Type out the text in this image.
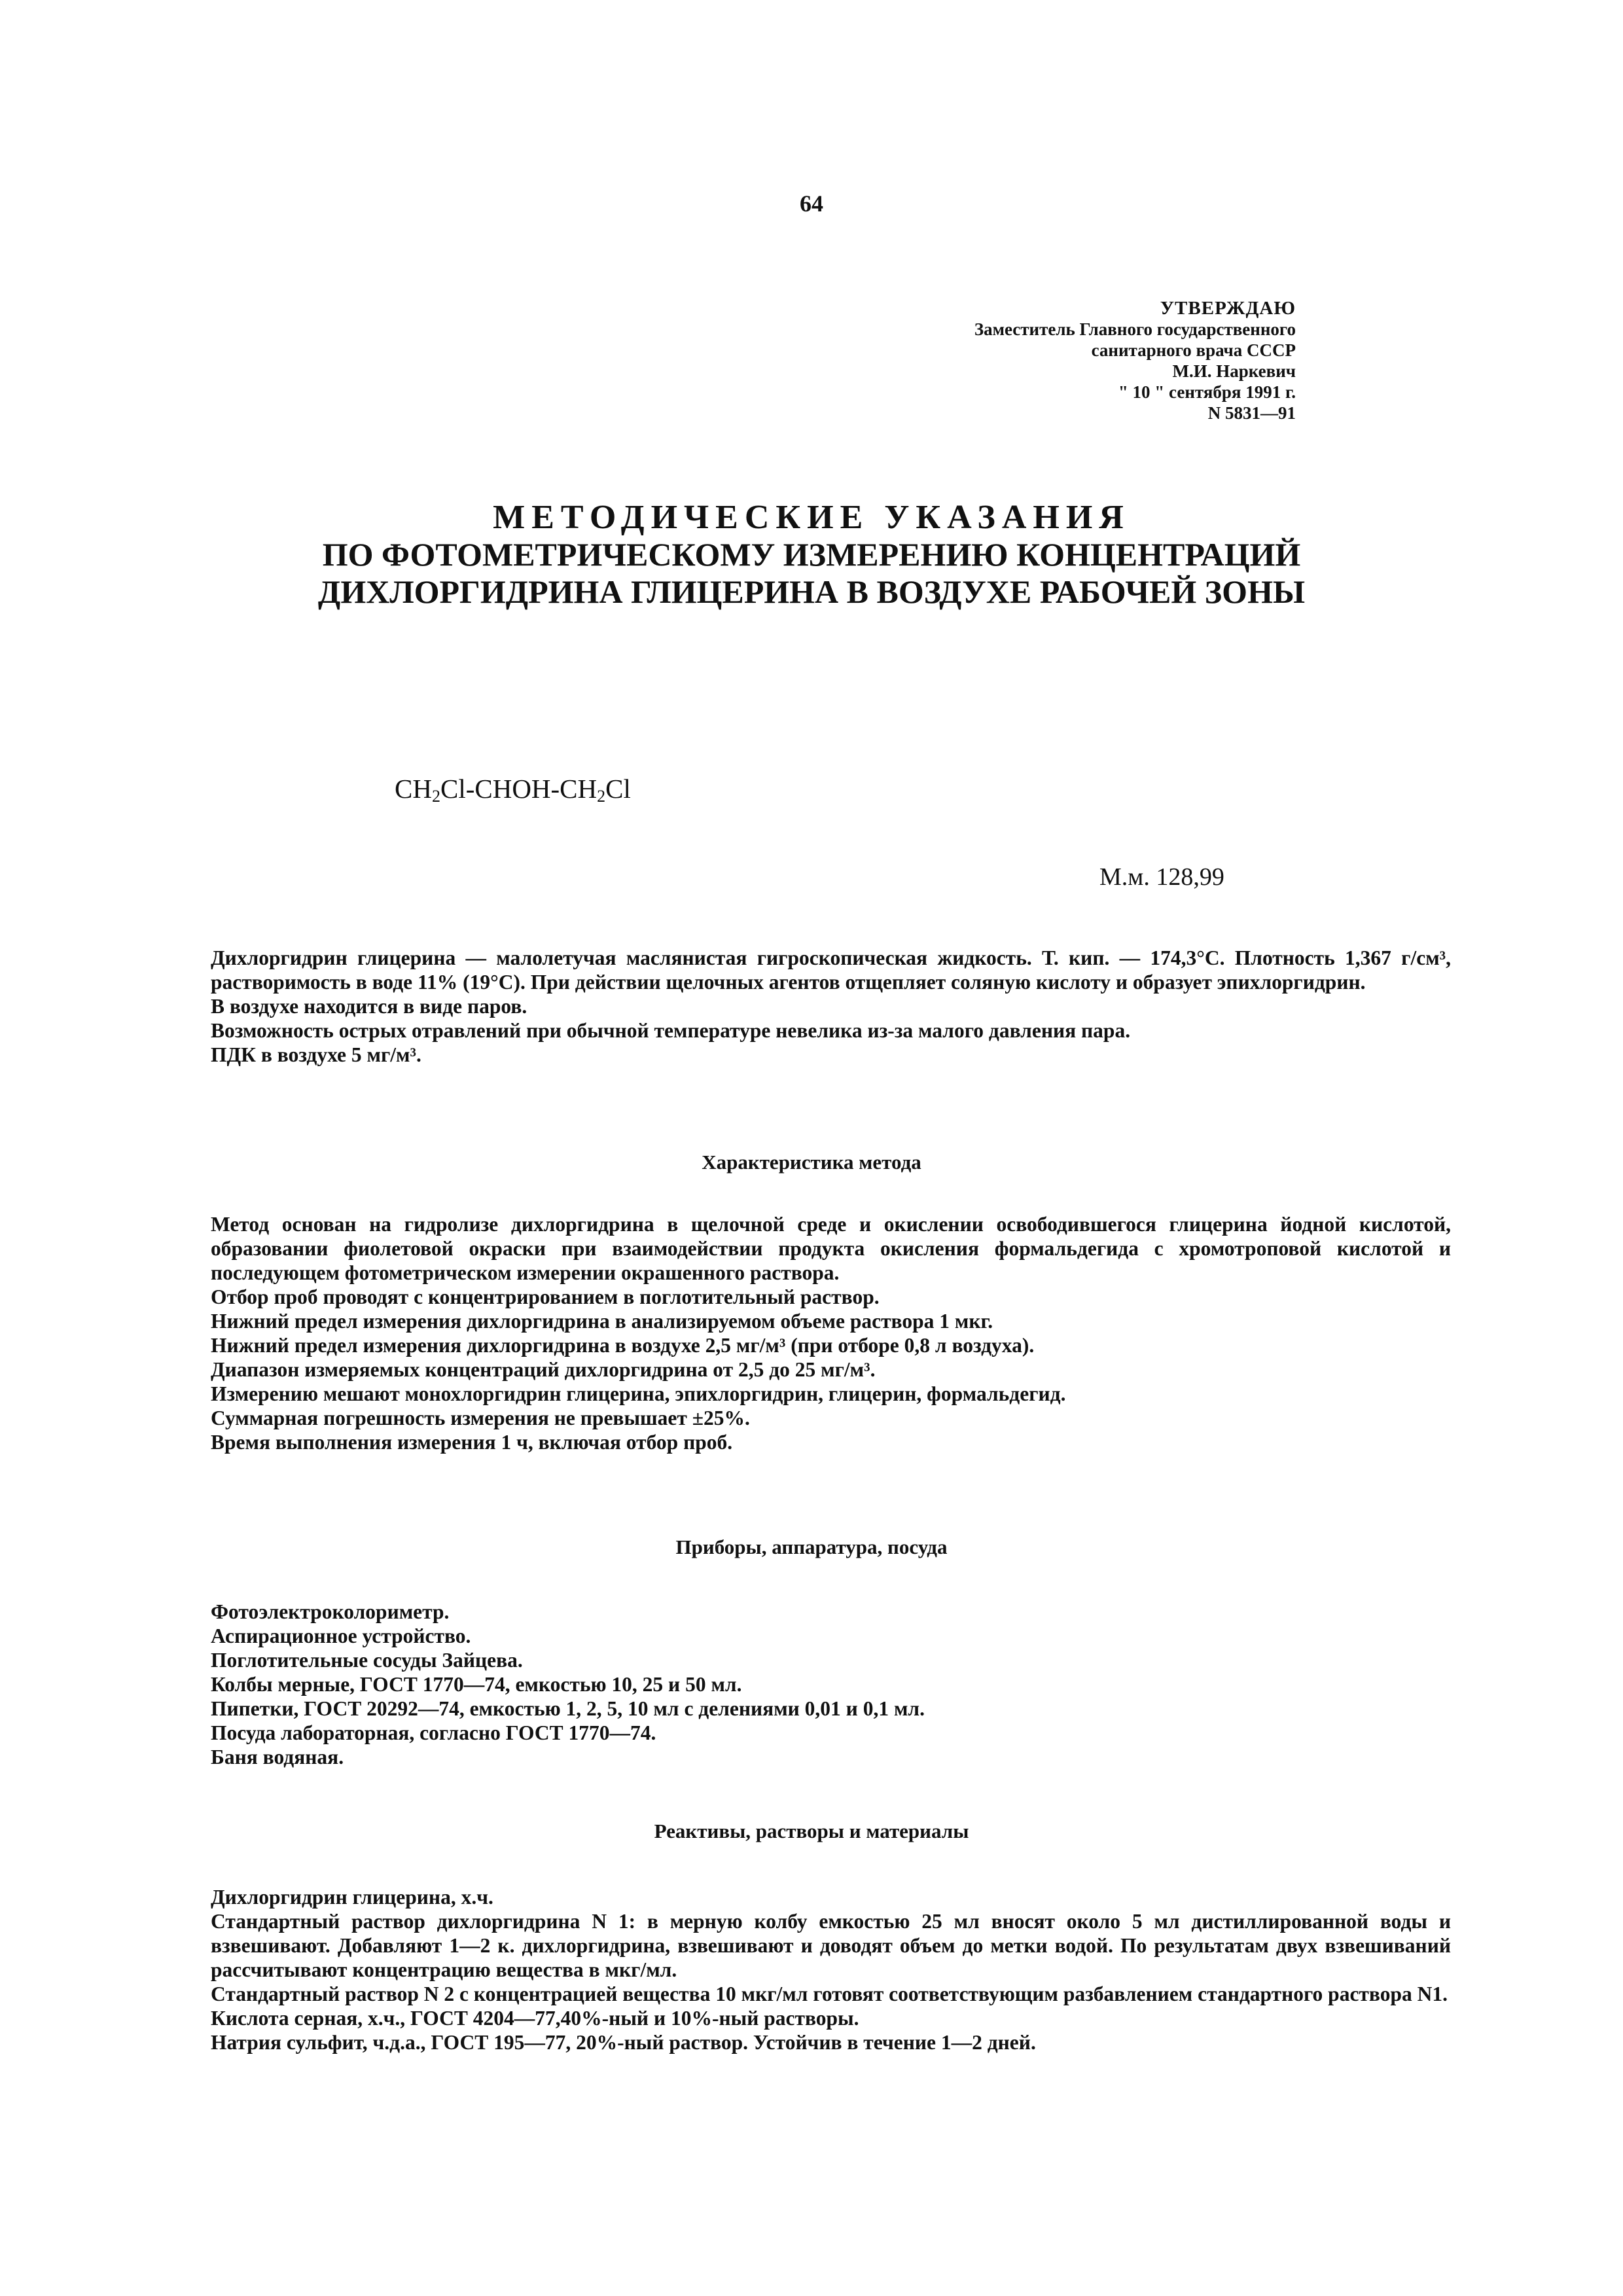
64
УТВЕРЖДАЮ
Заместитель Главного государственного
санитарного врача СССР
М.И. Наркевич
" 10 " сентября 1991 г.
N 5831—91
МЕТОДИЧЕСКИЕ УКАЗАНИЯ
ПО ФОТОМЕТРИЧЕСКОМУ ИЗМЕРЕНИЮ КОНЦЕНТРАЦИЙ
ДИХЛОРГИДРИНА ГЛИЦЕРИНА В ВОЗДУХЕ РАБОЧЕЙ ЗОНЫ
$CH_2Cl-CHOH-CH_2Cl$
М.м. 128,99

Дихлоргидрин глицерина — малолетучая маслянистая гигроскопическая жидкость. Т. кип. — 174,3°С. Плотность 1,367 г/см³, растворимость в воде 11% (19°С). При действии щелочных агентов отщепляет соляную кислоту и образует эпихлоргидрин.

В воздухе находится в виде паров.

Возможность острых отравлений при обычной температуре невелика из-за малого давления пара.

ПДК в воздухе 5 мг/м³.

Характеристика метода

Метод основан на гидролизе дихлоргидрина в щелочной среде и окислении освободившегося глицерина йодной кислотой, образовании фиолетовой окраски при взаимодействии продукта окисления формальдегида с хромотроповой кислотой и последующем фотометрическом измерении окрашенного раствора.

Отбор проб проводят с концентрированием в поглотительный раствор.

Нижний предел измерения дихлоргидрина в анализируемом объеме раствора 1 мкг.

Нижний предел измерения дихлоргидрина в воздухе 2,5 мг/м³ (при отборе 0,8 л воздуха).

Диапазон измеряемых концентраций дихлоргидрина от 2,5 до 25 мг/м³.

Измерению мешают монохлоргидрин глицерина, эпихлоргидрин, глицерин, формальдегид.

Суммарная погрешность измерения не превышает ±25%.

Время выполнения измерения 1 ч, включая отбор проб.

Приборы, аппаратура, посуда

Фотоэлектроколориметр.

Аспирационное устройство.

Поглотительные сосуды Зайцева.

Колбы мерные, ГОСТ 1770—74, емкостью 10, 25 и 50 мл.

Пипетки, ГОСТ 20292—74, емкостью 1, 2, 5, 10 мл с делениями 0,01 и 0,1 мл.

Посуда лабораторная, согласно ГОСТ 1770—74.

Баня водяная.

Реактивы, растворы и материалы

Дихлоргидрин глицерина, х.ч.

Стандартный раствор дихлоргидрина N 1: в мерную колбу емкостью 25 мл вносят около 5 мл дистиллированной воды и взвешивают. Добавляют 1—2 к. дихлоргидрина, взвешивают и доводят объем до метки водой. По результатам двух взвешиваний рассчитывают концентрацию вещества в мкг/мл.

Стандартный раствор N 2 с концентрацией вещества 10 мкг/мл готовят соответствующим разбавлением стандартного раствора N1.

Кислота серная, х.ч., ГОСТ 4204—77,40%-ный и 10%-ный растворы.

Натрия сульфит, ч.д.а., ГОСТ 195—77, 20%-ный раствор. Устойчив в течение 1—2 дней.
